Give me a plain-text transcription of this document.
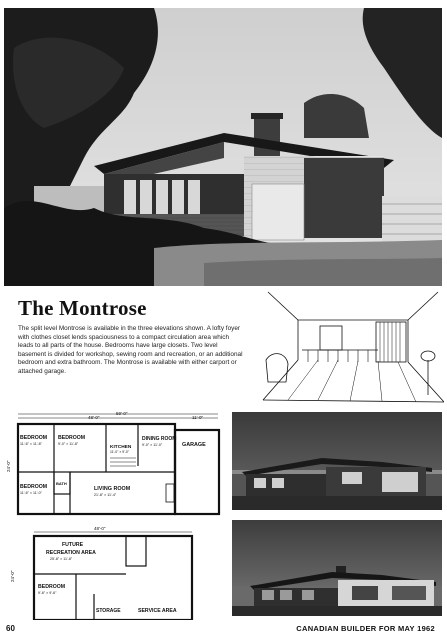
The Montrose
The split level Montrose is available in the three elevations shown. A lofty foyer with clothes closet lends spaciousness to a compact circulation area which leads to all parts of the house. Bedrooms have large closets. Two level basement is divided for workshop, sewing room and recreation, or an additional bedroom and extra bathroom. The Montrose is available with either carport or attached garage.
48'-0"
59'-0"
11'-0"
24'-0"
BEDROOM
11'-6" × 11'-8"
BEDROOM
9'-0" × 11'-8"
KITCHEN
11'-0" × 9'-0"
DINING ROOM
9'-0" × 11'-0"	GARAGE
BEDROOM
11'-6" × 11'-0"
BATH
LIVING ROOM
21'-8" × 11'-4"
48'-0"
24'-0"
FUTURE
RECREATION AREA
25'-8" × 11'-8"
BEDROOM
9'-6" × 9'-6"
STORAGE	SERVICE AREA
60	CANADIAN BUILDER FOR MAY 1962
